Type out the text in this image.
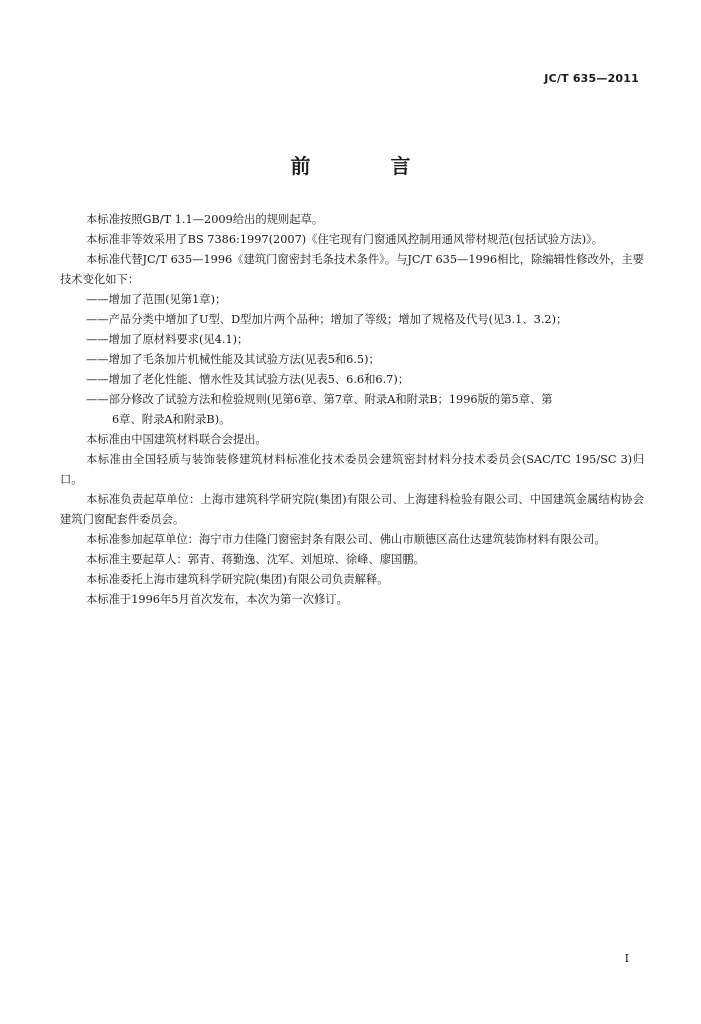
JC/T 635—2011
前　言

本标准按照GB/T 1.1—2009给出的规则起草。

本标准非等效采用了BS 7386:1997(2007)《住宅现有门窗通风控制用通风带材规范(包括试验方法)》。

本标准代替JC/T 635—1996《建筑门窗密封毛条技术条件》。与JC/T 635—1996相比，除编辑性修改外，主要技术变化如下：

——增加了范围(见第1章)；

——产品分类中增加了U型、D型加片两个品种；增加了等级；增加了规格及代号(见3.1、3.2)；

——增加了原材料要求(见4.1)；

——增加了毛条加片机械性能及其试验方法(见表5和6.5)；

——增加了老化性能、憎水性及其试验方法(见表5、6.6和6.7)；

——部分修改了试验方法和检验规则(见第6章、第7章、附录A和附录B；1996版的第5章、第

6章、附录A和附录B)。

本标准由中国建筑材料联合会提出。

本标准由全国轻质与装饰装修建筑材料标准化技术委员会建筑密封材料分技术委员会(SAC/TC 195/SC 3)归口。

本标准负责起草单位：上海市建筑科学研究院(集团)有限公司、上海建科检验有限公司、中国建筑金属结构协会建筑门窗配套件委员会。

本标准参加起草单位：海宁市力佳隆门窗密封条有限公司、佛山市顺德区高仕达建筑装饰材料有限公司。

本标准主要起草人：郭青、蒋勤逸、沈军、刘旭琼、徐峰、廖国鹏。

本标准委托上海市建筑科学研究院(集团)有限公司负责解释。

本标准于1996年5月首次发布，本次为第一次修订。

I
